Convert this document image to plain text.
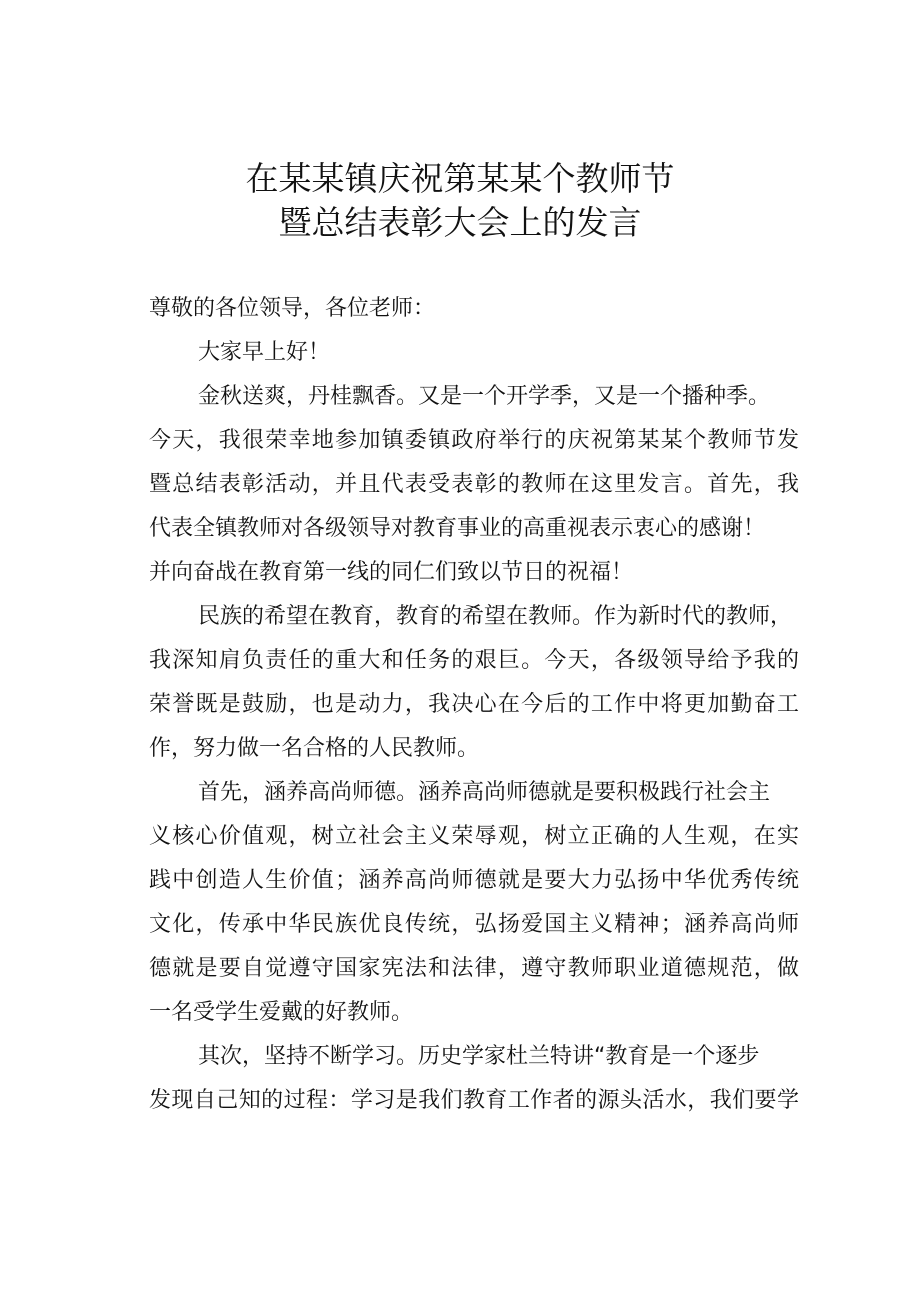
在某某镇庆祝第某某个教师节
暨总结表彰大会上的发言
尊敬的各位领导，各位老师：
大家早上好！
金秋送爽，丹桂飘香。又是一个开学季，又是一个播种季。
今天，我很荣幸地参加镇委镇政府举行的庆祝第某某个教师节发
暨总结表彰活动，并且代表受表彰的教师在这里发言。首先，我
代表全镇教师对各级领导对教育事业的高重视表示衷心的感谢！
并向奋战在教育第一线的同仁们致以节日的祝福！
民族的希望在教育，教育的希望在教师。作为新时代的教师，
我深知肩负责任的重大和任务的艰巨。今天，各级领导给予我的
荣誉既是鼓励，也是动力，我决心在今后的工作中将更加勤奋工
作，努力做一名合格的人民教师。
首先，涵养高尚师德。涵养高尚师德就是要积极践行社会主
义核心价值观，树立社会主义荣辱观，树立正确的人生观，在实
践中创造人生价值；涵养高尚师德就是要大力弘扬中华优秀传统
文化，传承中华民族优良传统，弘扬爱国主义精神；涵养高尚师
德就是要自觉遵守国家宪法和法律，遵守教师职业道德规范，做
一名受学生爱戴的好教师。
其次，坚持不断学习。历史学家杜兰特讲“教育是一个逐步
发现自己知的过程：学习是我们教育工作者的源头活水，我们要学
